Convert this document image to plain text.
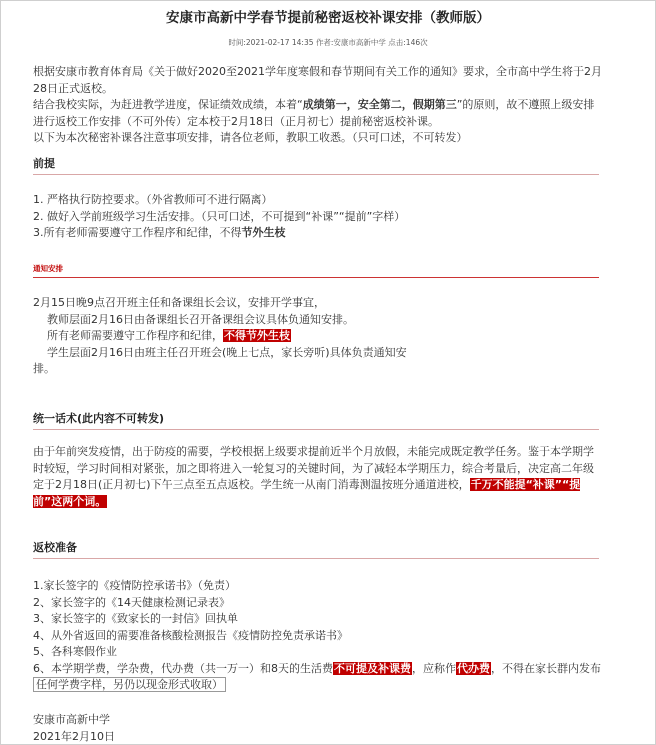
安康市高新中学春节提前秘密返校补课安排（教师版）
时间:2021-02-17 14:35 作者:安康市高新中学 点击:146次

根据安康市教育体育局《关于做好2020至2021学年度寒假和春节期间有关工作的通知》要求，全市高中学生将于2月28日正式返校。

结合我校实际，为赶进教学进度，保证绩效成绩，本着“成绩第一，安全第二，假期第三”的原则，故不遵照上级安排进行返校工作安排（不可外传）定本校于2月18日（正月初七）提前秘密返校补课。

以下为本次秘密补课各注意事项安排，请各位老师，教职工收悉。（只可口述，不可转发）

前提

1. 严格执行防控要求。（外省教师可不进行隔离）

2. 做好入学前班级学习生活安排。（只可口述，不可提到“补课”“提前”字样）

3.所有老师需要遵守工作程序和纪律，不得节外生枝

通知安排

2月15日晚9点召开班主任和备课组长会议，安排开学事宜，

教师层面2月16日由备课组长召开备课组会议具体负通知安排。

所有老师需要遵守工作程序和纪律，不得节外生枝

学生层面2月16日由班主任召开班会(晚上七点，家长旁听)具体负责通知安

排。

统一话术(此内容不可转发)

由于年前突发疫情，出于防疫的需要，学校根据上级要求提前近半个月放假，未能完成既定教学任务。鉴于本学期学时较短，学习时间相对紧张，加之即将进入一轮复习的关键时间，为了减轻本学期压力，综合考量后，决定高二年级定于2月18日(正月初七)下午三点至五点返校。学生统一从南门消毒测温按班分通道进校，千万不能提“补课”“提前”这两个词。

返校准备

1.家长签字的《疫情防控承诺书》（免责）

2、家长签字的《14天健康检测记录表》

3、家长签字的《致家长的一封信》回执单

4、从外省返回的需要准备核酸检测报告《疫情防控免责承诺书》

5、各科寒假作业

6、本学期学费，学杂费，代办费（共一万一）和8天的生活费不可提及补课费，应称作代办费，不得在家长群内发布

任何学费字样，另仍以现金形式收取）

安康市高新中学

2021年2月10日
